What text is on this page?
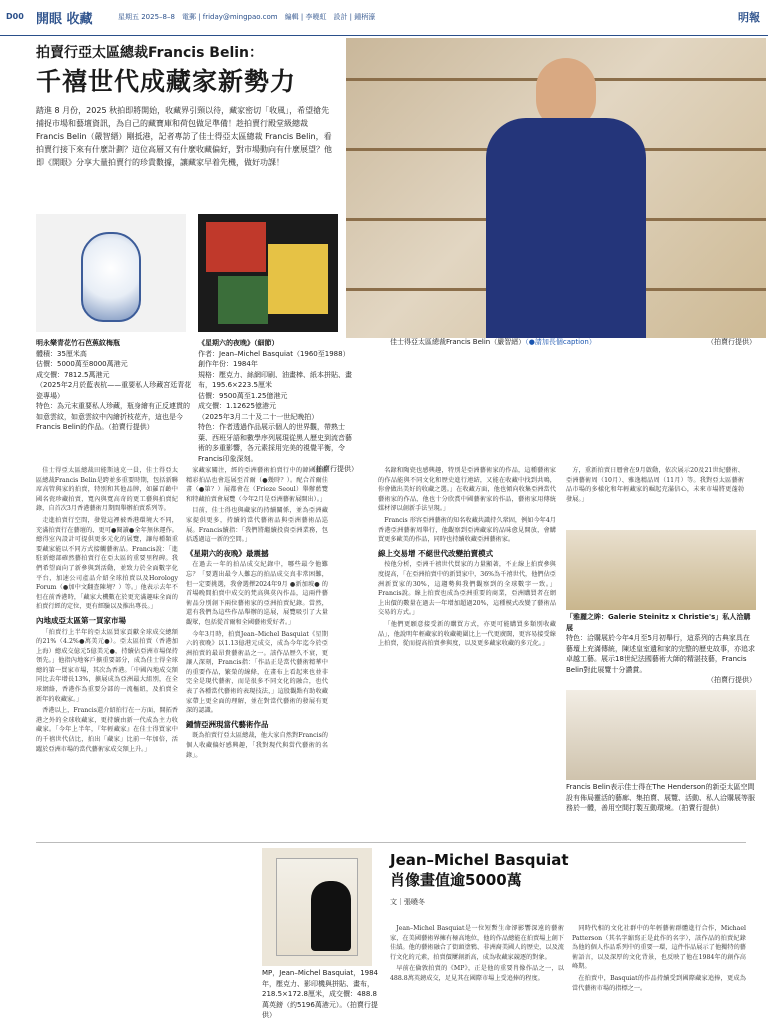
D00 開眼 收藏	星期五 2025–8–8　電郵 | friday@mingpao.com　編輯 | 李曉虹　設計 | 鍾柄濠	明報
拍賣行亞太區總裁Francis Belin：
千禧世代成藏家新勢力
踏進 8 月份，2025 秋拍即將開始，收藏界引頸以待，藏家密切「收風」，希望搶先捕捉市場和藝壇資訊，為自己的藏寶庫和荷包做足準備！趁拍賣行殿堂級總裁 Francis Belin（嚴智縉）剛抵港，記者專訪了佳士得亞太區總裁 Francis Belin，看拍賣行接下來有什麼計劃？這位高層又有什麼收藏偏好，對市場動向有什麼展望？他即《開眼》分享大量拍賣行的珍貴數據，讓藏家早着先機，做好功課！
明永樂青花竹石芭蕉紋梅瓶
體積：35厘米高
估價：5000萬至8000萬港元
成交價：7812.5萬港元
（2025年2月於藍表杭——重要私人珍藏宮廷青花瓷專場）
特色：為元末重要私人珍藏，瓶身繪有正反連貫的如意雲紋，如意雲紋中內繪折枝花卉，這也是今Francis Belin的作品。（拍賣行提供）
《星期六的夜晚》（細節）
作者：Jean–Michel Basquiat（1960至1988）
創作年份：1984年
規格：壓克力、絲網印刷、油畫棒、紙本拼貼、畫布，195.6×223.5厘米
估價：9500萬至1.25億港元
成交價：1.12625億港元
（2025年3月二十及二十一世紀晚拍）
特色：作者透過作品展示個人的世界觀，帶熟士葉、西班牙語和數學序列展現從黑人歷史到流音藝術的多重影響，各元素採用完美的視覺平衡，令Francis印象深刻。
（拍賣行提供）
佳士得亞太區總裁Francis Belin（嚴智縉）（●請加長個caption）	（拍賣行提供）

佳士得亞太區總裁田能斯迪克一員，佳士得亞太區總裁Francis Belin是跨並多重要時期，包括新聯席高管與家的拍賣，特別和其他品牌，如羅百齡中國名瓷珍藏拍賣，寬內與寬高奇的更工藝與拍賣紀錄，自首次3月香港藝術月期間舉辦拍賣系列等。

走進拍賣行空間，發覺這裡被香港環境大不同，充滿拍賣行在藝壇的、更可●閱讀●全年無休運作。總得室內設計可提供更多元化的展覽，讓每種類重要藏家能以不同方式接觸藝術品。Francis說：「進駐新總部確然藝拍賣行在亞太區的重要里程碑。我們希望面向了新參與到活動，並致力於全面數字化平台，加速公司產品介紹全球拍賣以及Horology Forum（●加中文翻查陳境？）等。」他表示去年不但在前香港時，「藏家大機數在於更充滿趣味全面的拍賣行經的定位，更有經驗以及推出專長。」

內地成亞太區第一買家市場

「拍賣行上半年的亞太區買家貢獻全球成交總額的21%（4.2%●萬美元●）。亞太區拍賣（香港加上海）總成交億元5億美元●，持續佔亞洲市場保持領先。」他指內地客戶擴重要部分，成為佳士得全球總的第一買家市場，其次為香港。「中國內地成交額同比去年增長13%，擴展成為亞洲最大組別，在全球網絡，香港作為重要分部的一流樞紐，及拍賣全新年的收藏家。」

香港以上，Francis還介紹拍行在一方面，開拓香港之外的全球收藏家，更持續由新一代成為主力收藏家。「今年上半年，『年輕藏家』在佳士得買家中的千禧世代佔比，拍出「藏家」比前一年加倍，活躍於亞洲市場的當代藝術家成交額上升。」

家藏家關注，經的亞洲藝術拍賣行中的韓國藝術精彩拍品也會巡展至首爾（●幾時？）。配合首爾佳畫（●第？）展都會在（Frieze Seoul）舉辦藍覽和特藏拍賣會展覽（今年2月是亞洲藝術展開出）。」

目前，佳士得也與藏家的持續關係，並為亞洲藏家提供更多，持續的當代藝術品與亞洲藝術品巡展。Francis續指：「我們將繼續投資亞洲業務，包括透過這一新的空間。」

《星期六的夜晚》最震撼

在過去一年的拍品成交紀錄中，哪些最令他難忘？「要選出最令人難忘的拍品成交真非常困難，但一定要挑選，我會選擇2024年9月 ●新加坡● 的首場晚間拍賣中成交的梵高與莫內作品，這兩件藝術品分別創下兩位藝術家的亞洲拍賣紀錄。當然，還有我們為這些作品舉辦的巡展，展覽吸引了大量觀眾，包括從首爾和全國藝術愛好者。」

今年3月時，拍賣Jean–Michel Basquiat《星期六的夜晚》以1.13億港元成交，成為今年迄今於亞洲拍賣的最昂貴藝術品之一。該作品歷久不衰，更讓人深刻，Francis指：「作品正是當代藝術精華中的重要作品，繁榮的線條，在畫布上看起來也並非完全是現代藝術，而是很多不同文化的融合，也代表了各種當代藝術的表現技法，」這股觀點有助收藏家帶上更全面的理解，並在對當代藝術的發展有更深的認識。

鍾情亞洲現當代藝術作品

既為拍賣行亞太區總裁，他大家自然對Francis的個人收藏偏好感興趣，「我對現代與當代藝術的名錄」。

名錄和陶瓷也感興趣，特別是亞洲藝術家的作品，這種藝術家的作品能與不同文化和歷史進行連結，又能在收藏中找到共鳴，你會做出美好的收藏之選。」在收藏方面，他也傾向收集亞洲當代藝術家的作品，他也十分欣賞中國藝術家的作品，藝術家用傳統媒材卻以創新手法呈現。」

Francis 形容亞洲藝術的知名收藏共識持久鞏固，例如今年4月香港亞洲藝術周舉行，他觀察到亞洲藏家的品味愈見開放，會購買更多歐美的作品，同時也持續收藏亞洲藝術家。

線上交易增 不絕世代改變拍賣模式

按他分析，亞洲千禧世代買家的力量顯著，不止線上拍賣參與度提高，「在亞洲拍賣中的新買家中，36%為千禧世代，他們佔亞洲新買家的30%，這趨勢與我們觀察到的全球數字一致。」Francis說。線上拍賣也成為亞洲重要的商業，亞洲購買者在網上出價的數量在過去一年增加超過20%，這種模式改變了藝術品交易的方式。」

「他們更願意接受新的購買方式，亦更可能購買多類別收藏品」，他說明年輕藏家的收藏範圍比上一代更廣闊，更容易接受線上拍賣，從而提高拍賣參與度，以及更多藏家收藏的多元化。」

方，重新拍賣日曆會在9月啟動，依次展示20及21世紀藝術、亞洲藝術周（10月）、雅逸精品周（11月）等。我對亞太區藝術品市場的多樣化和年輕藏家的崛起充滿信心，未來市場將更蓬勃發展。」

「雅麗之眸：Galerie Steinitz x Christie's」私人洽購展
特色：洽購展於今年4月至5月初舉行，這系列的古典家具在藝壇上充滿傳統，陳述皇室遺和家的完整的歷史故事，亦追求卓越工藝。展示18世紀法國藝術大師的精湛技藝，Francis Belin對此展覽十分讚賞。
（拍賣行提供）
Francis Belin表示佳士得在The Henderson的新亞太區空間設有佈局靈活的藝廊、集拍賣、展覽、活動、私人洽購展等服務於一體，善用空間打製互動環境。（拍賣行提供）
MP，Jean–Michel Basquiat，1984年，壓克力、影印機與拼貼、畫布，218.5×172.8厘米，成交價：488.8萬英鎊（約5196萬港元）。（拍賣行提供）
Jean–Michel Basquiat
肖像畫值逾5000萬
文｜張曉冬

Jean–Michel Basquiat是一位短暫生命卻影響深遠的藝術家，在美國藝術界擁有極高地位，他的作品總能在拍賣場上創下佳績。他的藝術融合了街頭塗鴉、非洲裔美國人的歷史，以及流行文化的元素，拍賣價屢創新高，成為收藏家競逐的對象。

早前在倫敦拍賣的《MP》，正是他的重要肖像作品之一，以488.8萬英鎊成交，足見其在國際市場上受追捧的程度。

同時代相的文化社群中的年輕藝術群體進行合作，Michael Patterson（其名字縮寫正是此作的名字），該作品的拍賣紀錄為他的個人作品系列中的重要一環，這件作品展示了他獨特的藝術語言，以及深厚的文化背景，也反映了他在1984年的創作高峰期。

在拍賣中，Basquiat的作品持續受到國際藏家追捧，更成為當代藝術市場的指標之一。
